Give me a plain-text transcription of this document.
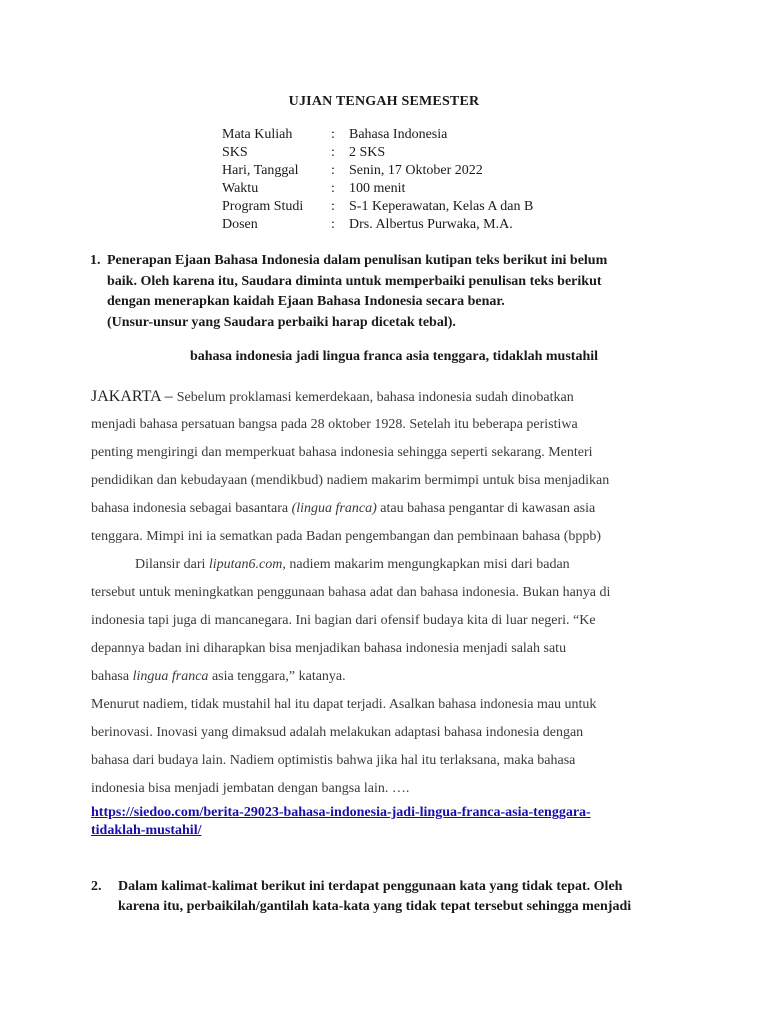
UJIAN TENGAH SEMESTER
Mata Kuliah	: Bahasa Indonesia
SKS	: 2 SKS
Hari, Tanggal : Senin, 17 Oktober 2022
Waktu	: 100 menit
Program Studi : S-1 Keperawatan, Kelas A dan B
Dosen	: Drs. Albertus Purwaka, M.A.
1. Penerapan Ejaan Bahasa Indonesia dalam penulisan kutipan teks berikut ini belum
baik. Oleh karena itu, Saudara diminta untuk memperbaiki penulisan teks berikut
dengan menerapkan kaidah Ejaan Bahasa Indonesia secara benar.
(Unsur-unsur yang Saudara perbaiki harap dicetak tebal).
bahasa indonesia jadi lingua franca asia tenggara, tidaklah mustahil
JAKARTA – Sebelum proklamasi kemerdekaan, bahasa indonesia sudah dinobatkan
menjadi bahasa persatuan bangsa pada 28 oktober 1928. Setelah itu beberapa peristiwa
penting mengiringi dan memperkuat bahasa indonesia sehingga seperti sekarang. Menteri
pendidikan dan kebudayaan (mendikbud) nadiem makarim bermimpi untuk bisa menjadikan
bahasa indonesia sebagai basantara (lingua franca) atau bahasa pengantar di kawasan asia
tenggara. Mimpi ini ia sematkan pada Badan pengembangan dan pembinaan bahasa (bppb)
Dilansir dari liputan6.com, nadiem makarim mengungkapkan misi dari badan
tersebut untuk meningkatkan penggunaan bahasa adat dan bahasa indonesia. Bukan hanya di
indonesia tapi juga di mancanegara. Ini bagian dari ofensif budaya kita di luar negeri. “Ke
depannya badan ini diharapkan bisa menjadikan bahasa indonesia menjadi salah satu
bahasa lingua franca asia tenggara,” katanya.
Menurut nadiem, tidak mustahil hal itu dapat terjadi. Asalkan bahasa indonesia mau untuk
berinovasi. Inovasi yang dimaksud adalah melakukan adaptasi bahasa indonesia dengan
bahasa dari budaya lain. Nadiem optimistis bahwa jika hal itu terlaksana, maka bahasa
indonesia bisa menjadi jembatan dengan bangsa lain. ….
https://siedoo.com/berita-29023-bahasa-indonesia-jadi-lingua-franca-asia-tenggara-
tidaklah-mustahil/
2. Dalam kalimat-kalimat berikut ini terdapat penggunaan kata yang tidak tepat. Oleh
karena itu, perbaikilah/gantilah kata-kata yang tidak tepat tersebut sehingga menjadi
